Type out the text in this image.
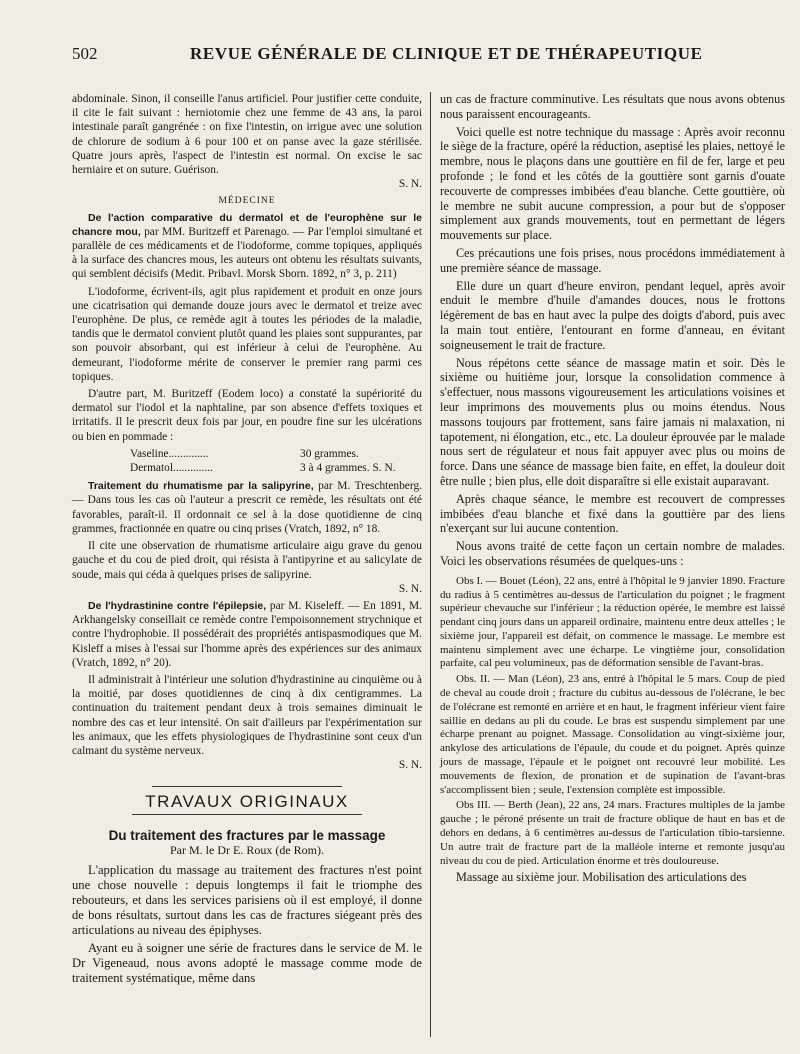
502	REVUE GÉNÉRALE DE CLINIQUE ET DE THÉRAPEUTIQUE

abdominale. Sinon, il conseille l'anus artificiel. Pour justifier cette conduite, il cite le fait suivant : herniotomie chez une femme de 43 ans, la paroi intestinale paraît gangrénée : on fixe l'intestin, on irrigue avec une solution de chlorure de sodium à 6 pour 100 et on panse avec la gaze stérilisée. Quatre jours après, l'aspect de l'intestin est normal. On excise le sac herniaire et on suture. Guérison.
S. N.

MÉDECINE

De l'action comparative du dermatol et de l'europhène sur le chancre mou, par MM. Buritzeff et Parenago. — Par l'emploi simultané et parallèle de ces médicaments et de l'iodoforme, comme topiques, appliqués à la surface des chancres mous, les auteurs ont obtenu les résultats suivants, qui semblent décisifs (Medit. Pribavl. Morsk Sborn. 1892, n° 3, p. 211)

L'iodoforme, écrivent-ils, agit plus rapidement et produit en onze jours une cicatrisation qui demande douze jours avec le dermatol et treize avec l'europhène. De plus, ce remède agit à toutes les périodes de la maladie, tandis que le dermatol convient plutôt quand les plaies sont suppurantes, par son pouvoir absorbant, qui est inférieur à celui de l'europhène. Au demeurant, l'iodoforme mérite de conserver le premier rang parmi ces topiques.

D'autre part, M. Buritzeff (Eodem loco) a constaté la supériorité du dermatol sur l'iodol et la naphtaline, par son absence d'effets toxiques et irritatifs. Il le prescrit deux fois par jour, en poudre fine sur les ulcérations ou bien en pommade :

Vaseline..............	30 grammes.
Dermatol..............	3 à 4 grammes.
S. N.

Traitement du rhumatisme par la salipyrine, par M. Treschtenberg. — Dans tous les cas où l'auteur a prescrit ce remède, les résultats ont été favorables, paraît-il. Il ordonnait ce sel à la dose quotidienne de cinq grammes, fractionnée en quatre ou cinq prises (Vratch, 1892, n° 18.

Il cite une observation de rhumatisme articulaire aigu grave du genou gauche et du cou de pied droit, qui résista à l'antipyrine et au salicylate de soude, mais qui céda à quelques prises de salipyrine.
S. N.

De l'hydrastinine contre l'épilepsie, par M. Kiseleff. — En 1891, M. Arkhangelsky conseillait ce remède contre l'empoisonnement strychnique et contre l'hydrophobie. Il possédérait des propriétés antispasmodiques que M. Kisleff a mises à l'essai sur l'homme après des expériences sur des animaux (Vratch, 1892, n° 20).

Il administrait à l'intérieur une solution d'hydrastinine au cinquième ou à la moitié, par doses quotidiennes de cinq à dix centigrammes. La continuation du traitement pendant deux à trois semaines diminuait le nombre des cas et leur intensité. On sait d'ailleurs par l'expérimentation sur les animaux, que les effets physiologiques de l'hydrastinine sont ceux d'un calmant du système nerveux.
S. N.

TRAVAUX ORIGINAUX
Du traitement des fractures par le massage
Par M. le Dr E. Roux (de Rom).

L'application du massage au traitement des fractures n'est point une chose nouvelle : depuis longtemps il fait le triomphe des rebouteurs, et dans les services parisiens où il est employé, il donne de bons résultats, surtout dans les cas de fractures siégeant près des articulations au niveau des épiphyses.

Ayant eu à soigner une série de fractures dans le service de M. le Dr Vigeneaud, nous avons adopté le massage comme mode de traitement systématique, même dans

un cas de fracture comminutive. Les résultats que nous avons obtenus nous paraissent encourageants.

Voici quelle est notre technique du massage : Après avoir reconnu le siège de la fracture, opéré la réduction, aseptisé les plaies, nettoyé le membre, nous le plaçons dans une gouttière en fil de fer, large et peu profonde ; le fond et les côtés de la gouttière sont garnis d'ouate recouverte de compresses imbibées d'eau blanche. Cette gouttière, où le membre ne subit aucune compression, a pour but de s'opposer simplement aux grands mouvements, tout en permettant de légers mouvements sur place.

Ces précautions une fois prises, nous procédons immédiatement à une première séance de massage.

Elle dure un quart d'heure environ, pendant lequel, après avoir enduit le membre d'huile d'amandes douces, nous le frottons légèrement de bas en haut avec la pulpe des doigts d'abord, puis avec la main tout entière, l'entourant en forme d'anneau, en évitant soigneusement le trait de fracture.

Nous répétons cette séance de massage matin et soir. Dès le sixième ou huitième jour, lorsque la consolidation commence à s'effectuer, nous massons vigoureusement les articulations voisines et leur imprimons des mouvements plus ou moins étendus. Nous massons toujours par frottement, sans faire jamais ni malaxation, ni tapotement, ni élongation, etc., etc. La douleur éprouvée par le malade nous sert de régulateur et nous fait appuyer avec plus ou moins de force. Dans une séance de massage bien faite, en effet, la douleur doit être nulle ; bien plus, elle doit disparaître si elle existait auparavant.

Après chaque séance, le membre est recouvert de compresses imbibées d'eau blanche et fixé dans la gouttière par des liens n'exerçant sur lui aucune contention.

Nous avons traité de cette façon un certain nombre de malades. Voici les observations résumées de quelques-uns :

Obs I. — Bouet (Léon), 22 ans, entré à l'hôpital le 9 janvier 1890. Fracture du radius à 5 centimètres au-dessus de l'articulation du poignet ; le fragment supérieur chevauche sur l'inférieur ; la réduction opérée, le membre est laissé pendant cinq jours dans un appareil ordinaire, maintenu entre deux attelles ; le sixième jour, l'appareil est défait, on commence le massage. Le membre est maintenu simplement avec une écharpe. Le vingtième jour, consolidation parfaite, cal peu volumineux, pas de déformation sensible de l'avant-bras.

Obs. II. — Man (Léon), 23 ans, entré à l'hôpital le 5 mars. Coup de pied de cheval au coude droit ; fracture du cubitus au-dessous de l'olécrane, le bec de l'olécrane est remonté en arrière et en haut, le fragment inférieur vient faire saillie en dedans au pli du coude. Le bras est suspendu simplement par une écharpe prenant au poignet. Massage. Consolidation au vingt-sixième jour, ankylose des articulations de l'épaule, du coude et du poignet. Après quinze jours de massage, l'épaule et le poignet ont recouvré leur mobilité. Les mouvements de flexion, de pronation et de supination de l'avant-bras s'accomplissent bien ; seule, l'extension complète est impossible.

Obs III. — Berth (Jean), 22 ans, 24 mars. Fractures multiples de la jambe gauche ; le péroné présente un trait de fracture oblique de haut en bas et de dehors en dedans, à 6 centimètres au-dessus de l'articulation tibio-tarsienne. Un autre trait de fracture part de la malléole interne et remonte jusqu'au niveau du cou de pied. Articulation énorme et très douloureuse.

Massage au sixième jour. Mobilisation des articulations des
